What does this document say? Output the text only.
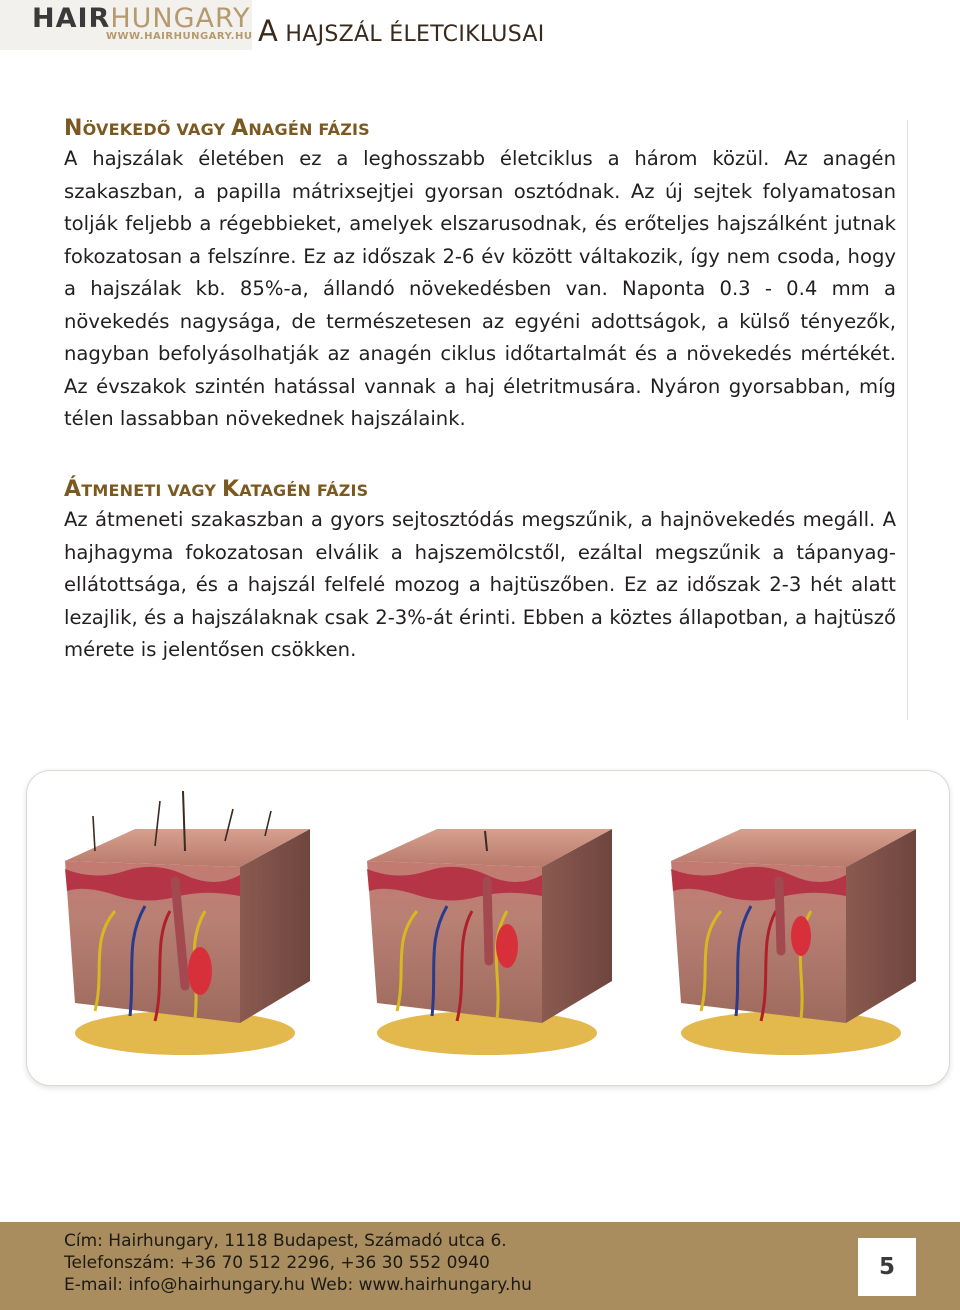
HAIRHUNGARY
WWW.HAIRHUNGARY.HU A HAJSZÁL ÉLETCIKLUSAI
NÖVEKEDŐ VAGY ANAGÉN FÁZIS

A hajszálak életében ez a leghosszabb életciklus a három közül. Az anagén szakaszban, a papilla mátrixsejtjei gyorsan osztódnak. Az új sejtek folyamatosan tolják feljebb a régebbieket, amelyek elszarusodnak, és erőteljes hajszálként jutnak fokozatosan a felszínre. Ez az időszak 2-6 év között váltakozik, így nem csoda, hogy a hajszálak kb. 85%-a, állandó növekedésben van. Naponta 0.3 - 0.4 mm a növekedés nagysága, de természetesen az egyéni adottságok, a külső tényezők, nagyban befolyásolhatják az anagén ciklus időtartalmát és a növekedés mértékét. Az évszakok szintén hatással vannak a haj életritmusára. Nyáron gyorsabban, míg télen lassabban növekednek hajszálaink.

ÁTMENETI VAGY KATAGÉN FÁZIS

Az átmeneti szakaszban a gyors sejtosztódás megszűnik, a hajnövekedés megáll. A hajhagyma fokozatosan elválik a hajszemölcstől, ezáltal megszűnik a tápanyag-ellátottsága, és a hajszál felfelé mozog a hajtüszőben. Ez az időszak 2-3 hét alatt lezajlik, és a hajszálaknak csak 2-3%-át érinti. Ebben a köztes állapotban, a hajtüsző mérete is jelentősen csökken.

Cím: Hairhungary, 1118 Budapest, Számadó utca 6.
Telefonszám: +36 70 512 2296, +36 30 552 0940
E-mail: info@hairhungary.hu Web: www.hairhungary.hu
5
